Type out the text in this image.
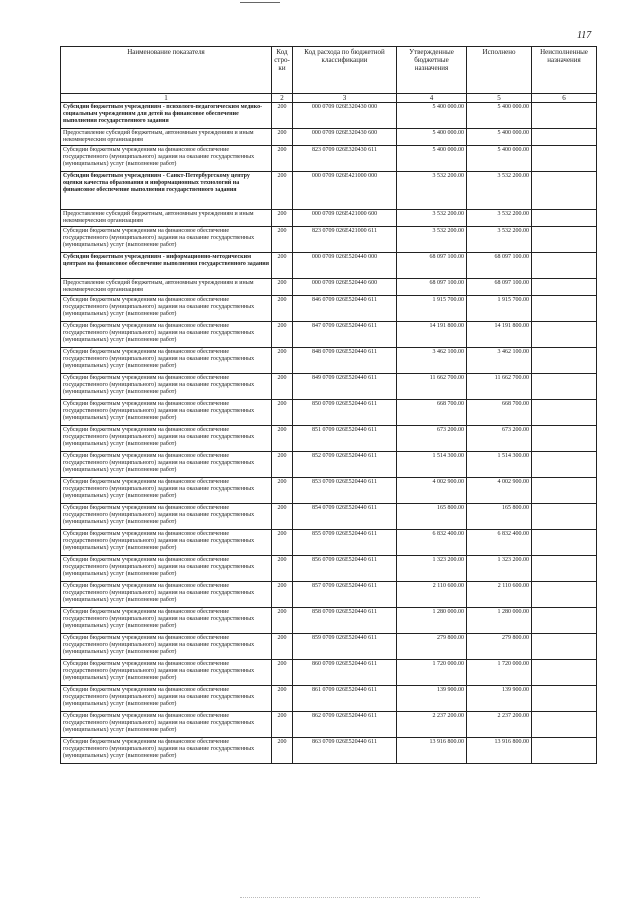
117
Наименование показателя	Код стро-ки	Код расхода по бюджетной классификации	Утвержденные бюджетные назначения	Исполнено	Неисполненные назначения
1	2	3	4	5	6
Субсидии бюджетным учреждениям - психолого-педагогическим медико-социальным учреждениям для детей на финансовое обеспечение выполнения государственного задания	200	000 0709 026E320430 000	5 400 000.00	5 400 000.00	
Предоставление субсидий бюджетным, автономным учреждениям и иным некоммерческим организациям	200	000 0709 026E320430 600	5 400 000.00	5 400 000.00	
Субсидии бюджетным учреждениям на финансовое обеспечение государственного (муниципального) задания на оказание государственных (муниципальных) услуг (выполнение работ)	200	823 0709 026E320430 611	5 400 000.00	5 400 000.00	
Субсидии бюджетным учреждениям - Санкт-Петербургскому центру оценки качества образования и информационных технологий на финансовое обеспечение выполнения государственного задания	200	000 0709 026E421000 000	3 532 200.00	3 532 200.00	
Предоставление субсидий бюджетным, автономным учреждениям и иным некоммерческим организациям	200	000 0709 026E421000 600	3 532 200.00	3 532 200.00	
Субсидии бюджетным учреждениям на финансовое обеспечение государственного (муниципального) задания на оказание государственных (муниципальных) услуг (выполнение работ)	200	823 0709 026E421000 611	3 532 200.00	3 532 200.00	
Субсидии бюджетным учреждениям - информационно-методическим центрам на финансовое обеспечение выполнения государственного задания	200	000 0709 026E520440 000	68 097 100.00	68 097 100.00	
Предоставление субсидий бюджетным, автономным учреждениям и иным некоммерческим организациям	200	000 0709 026E520440 600	68 097 100.00	68 097 100.00	
Субсидии бюджетным учреждениям на финансовое обеспечение государственного (муниципального) задания на оказание государственных (муниципальных) услуг (выполнение работ)	200	846 0709 026E520440 611	1 915 700.00	1 915 700.00	
Субсидии бюджетным учреждениям на финансовое обеспечение государственного (муниципального) задания на оказание государственных (муниципальных) услуг (выполнение работ)	200	847 0709 026E520440 611	14 191 800.00	14 191 800.00	
Субсидии бюджетным учреждениям на финансовое обеспечение государственного (муниципального) задания на оказание государственных (муниципальных) услуг (выполнение работ)	200	848 0709 026E520440 611	3 462 100.00	3 462 100.00	
Субсидии бюджетным учреждениям на финансовое обеспечение государственного (муниципального) задания на оказание государственных (муниципальных) услуг (выполнение работ)	200	849 0709 026E520440 611	11 662 700.00	11 662 700.00	
Субсидии бюджетным учреждениям на финансовое обеспечение государственного (муниципального) задания на оказание государственных (муниципальных) услуг (выполнение работ)	200	850 0709 026E520440 611	668 700.00	668 700.00	
Субсидии бюджетным учреждениям на финансовое обеспечение государственного (муниципального) задания на оказание государственных (муниципальных) услуг (выполнение работ)	200	851 0709 026E520440 611	673 200.00	673 200.00	
Субсидии бюджетным учреждениям на финансовое обеспечение государственного (муниципального) задания на оказание государственных (муниципальных) услуг (выполнение работ)	200	852 0709 026E520440 611	1 514 300.00	1 514 300.00	
Субсидии бюджетным учреждениям на финансовое обеспечение государственного (муниципального) задания на оказание государственных (муниципальных) услуг (выполнение работ)	200	853 0709 026E520440 611	4 002 900.00	4 002 900.00	
Субсидии бюджетным учреждениям на финансовое обеспечение государственного (муниципального) задания на оказание государственных (муниципальных) услуг (выполнение работ)	200	854 0709 026E520440 611	165 800.00	165 800.00	
Субсидии бюджетным учреждениям на финансовое обеспечение государственного (муниципального) задания на оказание государственных (муниципальных) услуг (выполнение работ)	200	855 0709 026E520440 611	6 832 400.00	6 832 400.00	
Субсидии бюджетным учреждениям на финансовое обеспечение государственного (муниципального) задания на оказание государственных (муниципальных) услуг (выполнение работ)	200	856 0709 026E520440 611	1 323 200.00	1 323 200.00	
Субсидии бюджетным учреждениям на финансовое обеспечение государственного (муниципального) задания на оказание государственных (муниципальных) услуг (выполнение работ)	200	857 0709 026E520440 611	2 110 600.00	2 110 600.00	
Субсидии бюджетным учреждениям на финансовое обеспечение государственного (муниципального) задания на оказание государственных (муниципальных) услуг (выполнение работ)	200	858 0709 026E520440 611	1 280 000.00	1 280 000.00	
Субсидии бюджетным учреждениям на финансовое обеспечение государственного (муниципального) задания на оказание государственных (муниципальных) услуг (выполнение работ)	200	859 0709 026E520440 611	279 800.00	279 800.00	
Субсидии бюджетным учреждениям на финансовое обеспечение государственного (муниципального) задания на оказание государственных (муниципальных) услуг (выполнение работ)	200	860 0709 026E520440 611	1 720 000.00	1 720 000.00	
Субсидии бюджетным учреждениям на финансовое обеспечение государственного (муниципального) задания на оказание государственных (муниципальных) услуг (выполнение работ)	200	861 0709 026E520440 611	139 900.00	139 900.00	
Субсидии бюджетным учреждениям на финансовое обеспечение государственного (муниципального) задания на оказание государственных (муниципальных) услуг (выполнение работ)	200	862 0709 026E520440 611	2 237 200.00	2 237 200.00	
Субсидии бюджетным учреждениям на финансовое обеспечение государственного (муниципального) задания на оказание государственных (муниципальных) услуг (выполнение работ)	200	863 0709 026E520440 611	13 916 800.00	13 916 800.00	
